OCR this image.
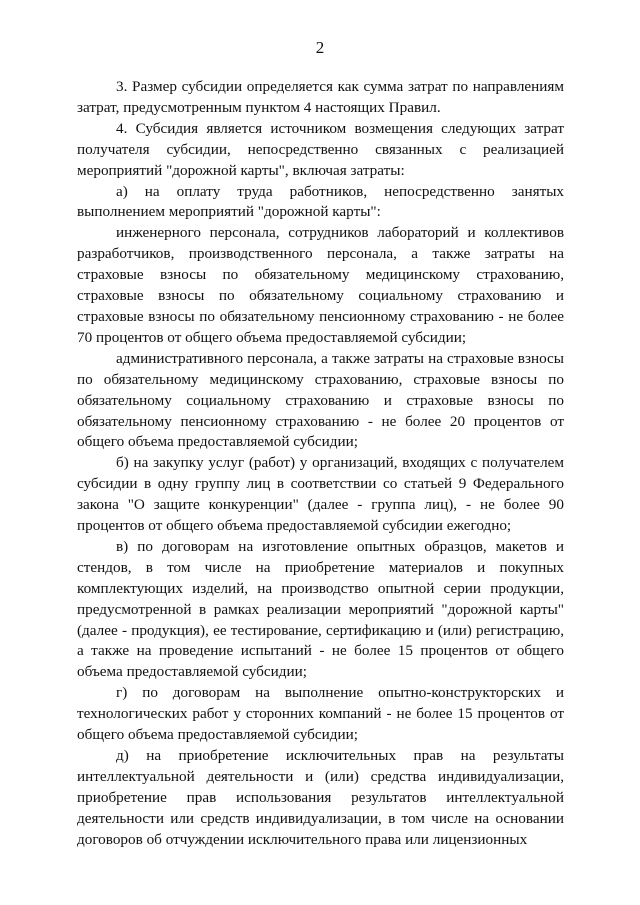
2

3. Размер субсидии определяется как сумма затрат по направлениям затрат, предусмотренным пунктом 4 настоящих Правил.

4. Субсидия является источником возмещения следующих затрат получателя субсидии, непосредственно связанных с реализацией мероприятий "дорожной карты", включая затраты:

а) на оплату труда работников, непосредственно занятых выполнением мероприятий "дорожной карты":

инженерного персонала, сотрудников лабораторий и коллективов разработчиков, производственного персонала, а также затраты на страховые взносы по обязательному медицинскому страхованию, страховые взносы по обязательному социальному страхованию и страховые взносы по обязательному пенсионному страхованию - не более 70 процентов от общего объема предоставляемой субсидии;

административного персонала, а также затраты на страховые взносы по обязательному медицинскому страхованию, страховые взносы по обязательному социальному страхованию и страховые взносы по обязательному пенсионному страхованию - не более 20 процентов от общего объема предоставляемой субсидии;

б) на закупку услуг (работ) у организаций, входящих с получателем субсидии в одну группу лиц в соответствии со статьей 9 Федерального закона "О защите конкуренции" (далее - группа лиц), - не более 90 процентов от общего объема предоставляемой субсидии ежегодно;

в) по договорам на изготовление опытных образцов, макетов и стендов, в том числе на приобретение материалов и покупных комплектующих изделий, на производство опытной серии продукции, предусмотренной в рамках реализации мероприятий "дорожной карты" (далее - продукция), ее тестирование, сертификацию и (или) регистрацию, а также на проведение испытаний - не более 15 процентов от общего объема предоставляемой субсидии;

г) по договорам на выполнение опытно-конструкторских и технологических работ у сторонних компаний - не более 15 процентов от общего объема предоставляемой субсидии;

д) на приобретение исключительных прав на результаты интеллектуальной деятельности и (или) средства индивидуализации, приобретение прав использования результатов интеллектуальной деятельности или средств индивидуализации, в том числе на основании договоров об отчуждении исключительного права или лицензионных
